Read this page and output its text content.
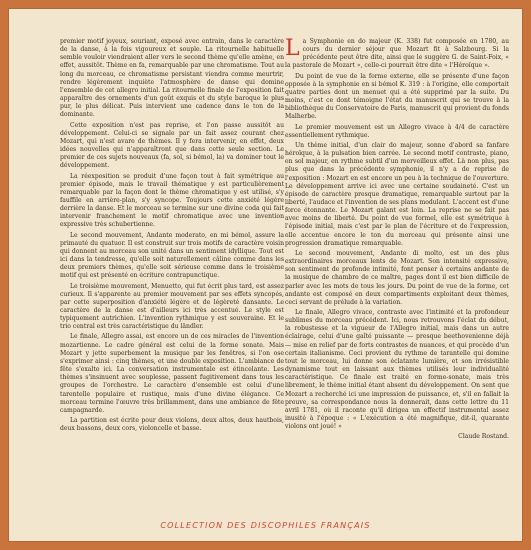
premier motif joyeux, souriant, exposé avec entrain, dans le caractère de la danse, à la fois vigoureux et souple. La ritournelle habituelle semble vouloir viendraient aller vers le second thème qu'elle amène, en effet, aussitôt. Thème en fa, remarquable par une chromatisme. Tout au long du morceau, ce chromatisme persistant viendra comme meurtrir, rendre légèrement inquiète l'atmosphère de danse qui domine l'ensemble de cet allegro initial. La ritournelle finale de l'exposition fait apparaître des ornements d'un goût exquis et du style baroque le plus pur, le plus délicat. Puis intervient une cadence dans le ton de la dominante.

Cette exposition n'est pas reprise, et l'on passe aussitôt au développement. Celui-ci se signale par un fait assez courant chez Mozart, qui n'est avare de thèmes. Il y fera intervenir, en effet, deux idées nouvelles qui n'apparaîtront que dans cette seule section. Le premier de ces sujets nouveaux (fa, sol, si bémol, la) va dominer tout le développement.

La réexposition se produit d'une façon tout à fait symétrique au premier épisode, mais le travail thématique y est particulièrement remarquable par la façon dont le thème chromatique y est utilisé, s'y fauffile en arrière-plan, s'y syncope. Toujours cette anxiété légère derrière la danse. Et le morceau se termine sur une divine coda qui fait intervenir franchement le motif chromatique avec une invention expressive très schubertienne.

Le second mouvement, Andante moderato, en mi bémol, assure la primauté du quatuor. Il est construit sur trois motifs de caractère voisin qui donnent au morceau son unité dans un sentiment idyllique. Tout est ici dans la tendresse, qu'elle soit naturellement câline comme dans les deux premiers thèmes, qu'elle soit sérieuse comme dans le troisième motif qui est présenté en écriture contrapunctique.

Le troisième mouvement, Menuetto, qui fut écrit plus tard, est assez curieux. Il s'apparente au premier mouvement par ses effets syncopés, par cette superposition d'anxiété légère et de légèreté dansante. Le caractère de la danse est d'ailleurs ici très accentué. Le style est typiquement autrichien. L'invention rythmique y est souveraine. Et le trio central est très caractéristique du ländler.

Le finale, Allegro assai, est encore un de ces miracles de l'invention mozartienne. Le cadre général est celui de la forme sonate. Mais Mozart y jette superbement la musique par les fenêtres, si l'on ose s'exprimer ainsi : cinq thèmes, et une double exposition. L'ambiance de fête s'exalte ici. La conversation instrumentale est étincelante. Les thèmes s'insinuent avec souplesse, passent fugitivement dans tous les groupes de l'orchestre. Le caractère d'ensemble est celui d'une tarentelle populaire et rustique, mais d'une divine élégance. Ce morceau termine l'œuvre très brillamment, dans une ambiance de fête campagnarde.

La partition est écrite pour deux violons, deux altos, deux hautbois, deux bassons, deux cors, violoncelle et basse.

La Symphonie en do majeur (K. 338) fut composée en 1780, au cours du dernier séjour que Mozart fit à Salzbourg. Si la précédente peut être dite, ainsi que le suggère G. de Saint-Foix, « la pastorale de Mozart », celle-ci pourrait être dite « l'Héroïque ».

Du point de vue de la forme externe, elle se présente d'une façon opposée à la symphonie en si bémol K. 319 : à l'origine, elle comportait quatre parties dont un menuet qui a été supprimé par la suite. Du moins, c'est ce dont témoigne l'état du manuscrit qui se trouve à la bibliothèque du Conservatoire de Paris, manuscrit qui provient du fonds Malherbe.

Le premier mouvement est un Allegro vivace à 4/4 de caractère essentiellement rythmique.

Un thème initial, d'un clair do majeur, sonne d'abord sa fanfare héroïque, à la pulsation bien carrée. Le second motif contraste, piano, en sol majeur, en rythme subtil d'un merveilleux effet. Là non plus, pas plus que dans la précédente symphonie, il n'y a de reprise de l'exposition : Mozart en est encore un peu à la technique de l'ouverture. Le développement arrive ici avec une certaine soudaineté. C'est un épisode de caractère presque dramatique, remarquable surtout par la liberté, l'audace et l'invention de ses plans modulant. L'accent est d'une force étonnante. Le Mozart galant est loin. La reprise ne se fait pas avec moins de liberté. Du point de vue formel, elle est symétrique à l'épisode initial, mais c'est par le plan de l'écriture et de l'expression, elle accentue encore le ton du morceau qui présente ainsi une progression dramatique remarquable.

Le second mouvement, Andante di molto, est un des plus extraordinaires morceaux lents de Mozart. Son intensité expressive, son sentiment de profonde intimité, font penser à certains andante de la musique de chambre de ce maître, pages dont il est bien difficile de parler avec les mots de tous les jours. Du point de vue de la forme, cet andante est composé en deux compartiments exploitant deux thèmes, ceci servant de prélude à la variation.

Le finale, Allegro vivace, contraste avec l'intimité et la profondeur sublimes du morceau précédent. Ici, nous retrouvons l'éclat du début, la robustesse et la vigueur de l'Allegro initial, mais dans un autre éclairage, celui d'une gaîté puissante — presque beethovenienne déjà — mise en relief par de forts contrastes de nuances, et qui procède d'un certain italianisme. Ceci provient du rythme de tarantelle qui domine tout le morceau, lui donne son éclatante lumière, et son irrésistible dynamisme tout en laissant aux thèmes utilisés leur individualité caractéristique. Ce finale est traité en forme-sonate, mais très librement, le thème initial étant absent du développement. On sent que Mozart a recherché ici une impression de puissance, et, s'il en fallait la preuve, sa correspondance nous la donnerait, dans cette lettre du 11 avril 1781, où il raconte qu'il dirigea un effectif instrumental assez inusité à l'époque : « L'exécution a été magnifique, dit-il, quarante violons ont joué! »

Claude Rostand.
COLLECTION DES DISCOPHILES FRANÇAIS
